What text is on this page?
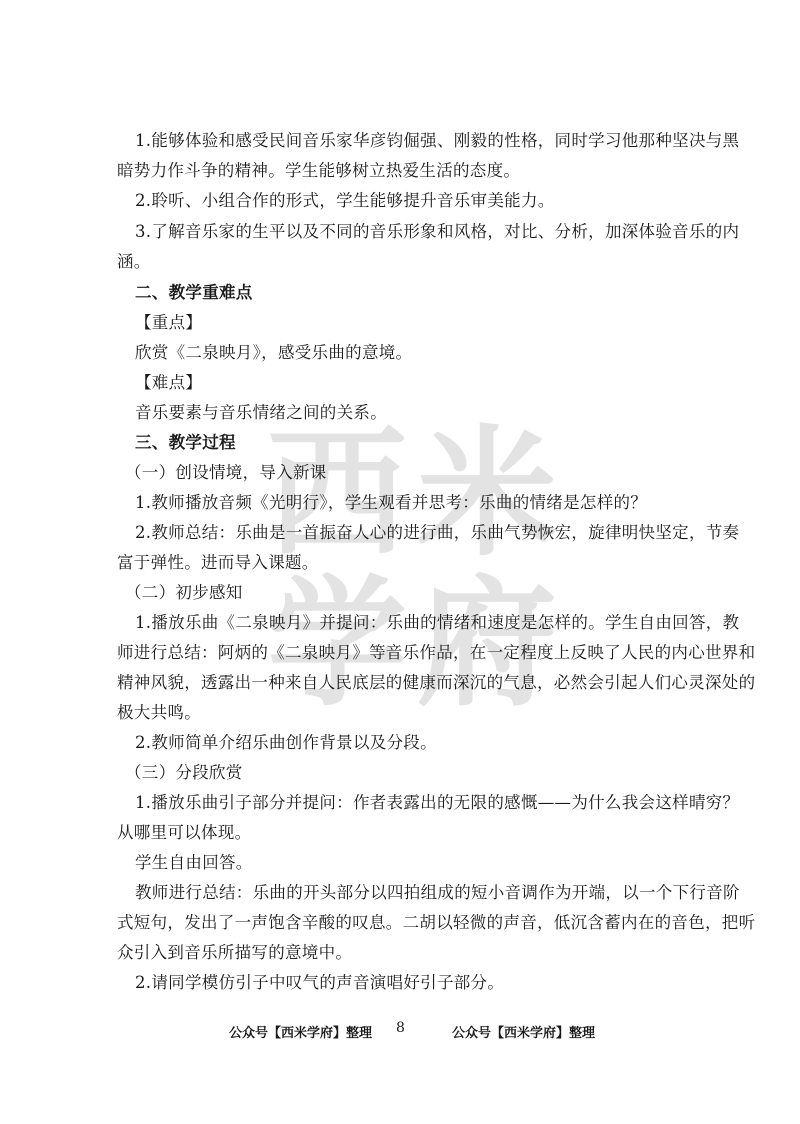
西 米
学 府
1.能够体验和感受民间音乐家华彦钧倔强、刚毅的性格，同时学习他那种坚决与黑
暗势力作斗争的精神。学生能够树立热爱生活的态度。
2.聆听、小组合作的形式，学生能够提升音乐审美能力。
3.了解音乐家的生平以及不同的音乐形象和风格，对比、分析，加深体验音乐的内
涵。
二、教学重难点
【重点】
欣赏《二泉映月》，感受乐曲的意境。
【难点】
音乐要素与音乐情绪之间的关系。
三、教学过程
（一）创设情境，导入新课
1.教师播放音频《光明行》，学生观看并思考：乐曲的情绪是怎样的？
2.教师总结：乐曲是一首振奋人心的进行曲，乐曲气势恢宏，旋律明快坚定，节奏
富于弹性。进而导入课题。
（二）初步感知
1.播放乐曲《二泉映月》并提问：乐曲的情绪和速度是怎样的。学生自由回答，教
师进行总结：阿炳的《二泉映月》等音乐作品，在一定程度上反映了人民的内心世界和
精神风貌，透露出一种来自人民底层的健康而深沉的气息，必然会引起人们心灵深处的
极大共鸣。
2.教师简单介绍乐曲创作背景以及分段。
（三）分段欣赏
1.播放乐曲引子部分并提问：作者表露出的无限的感慨——为什么我会这样晴穷？
从哪里可以体现。
学生自由回答。
教师进行总结：乐曲的开头部分以四拍组成的短小音调作为开端，以一个下行音阶
式短句，发出了一声饱含辛酸的叹息。二胡以轻微的声音，低沉含蓄内在的音色，把听
众引入到音乐所描写的意境中。
2.请同学模仿引子中叹气的声音演唱好引子部分。
公众号【西米学府】整理 8	公众号【西米学府】整理
